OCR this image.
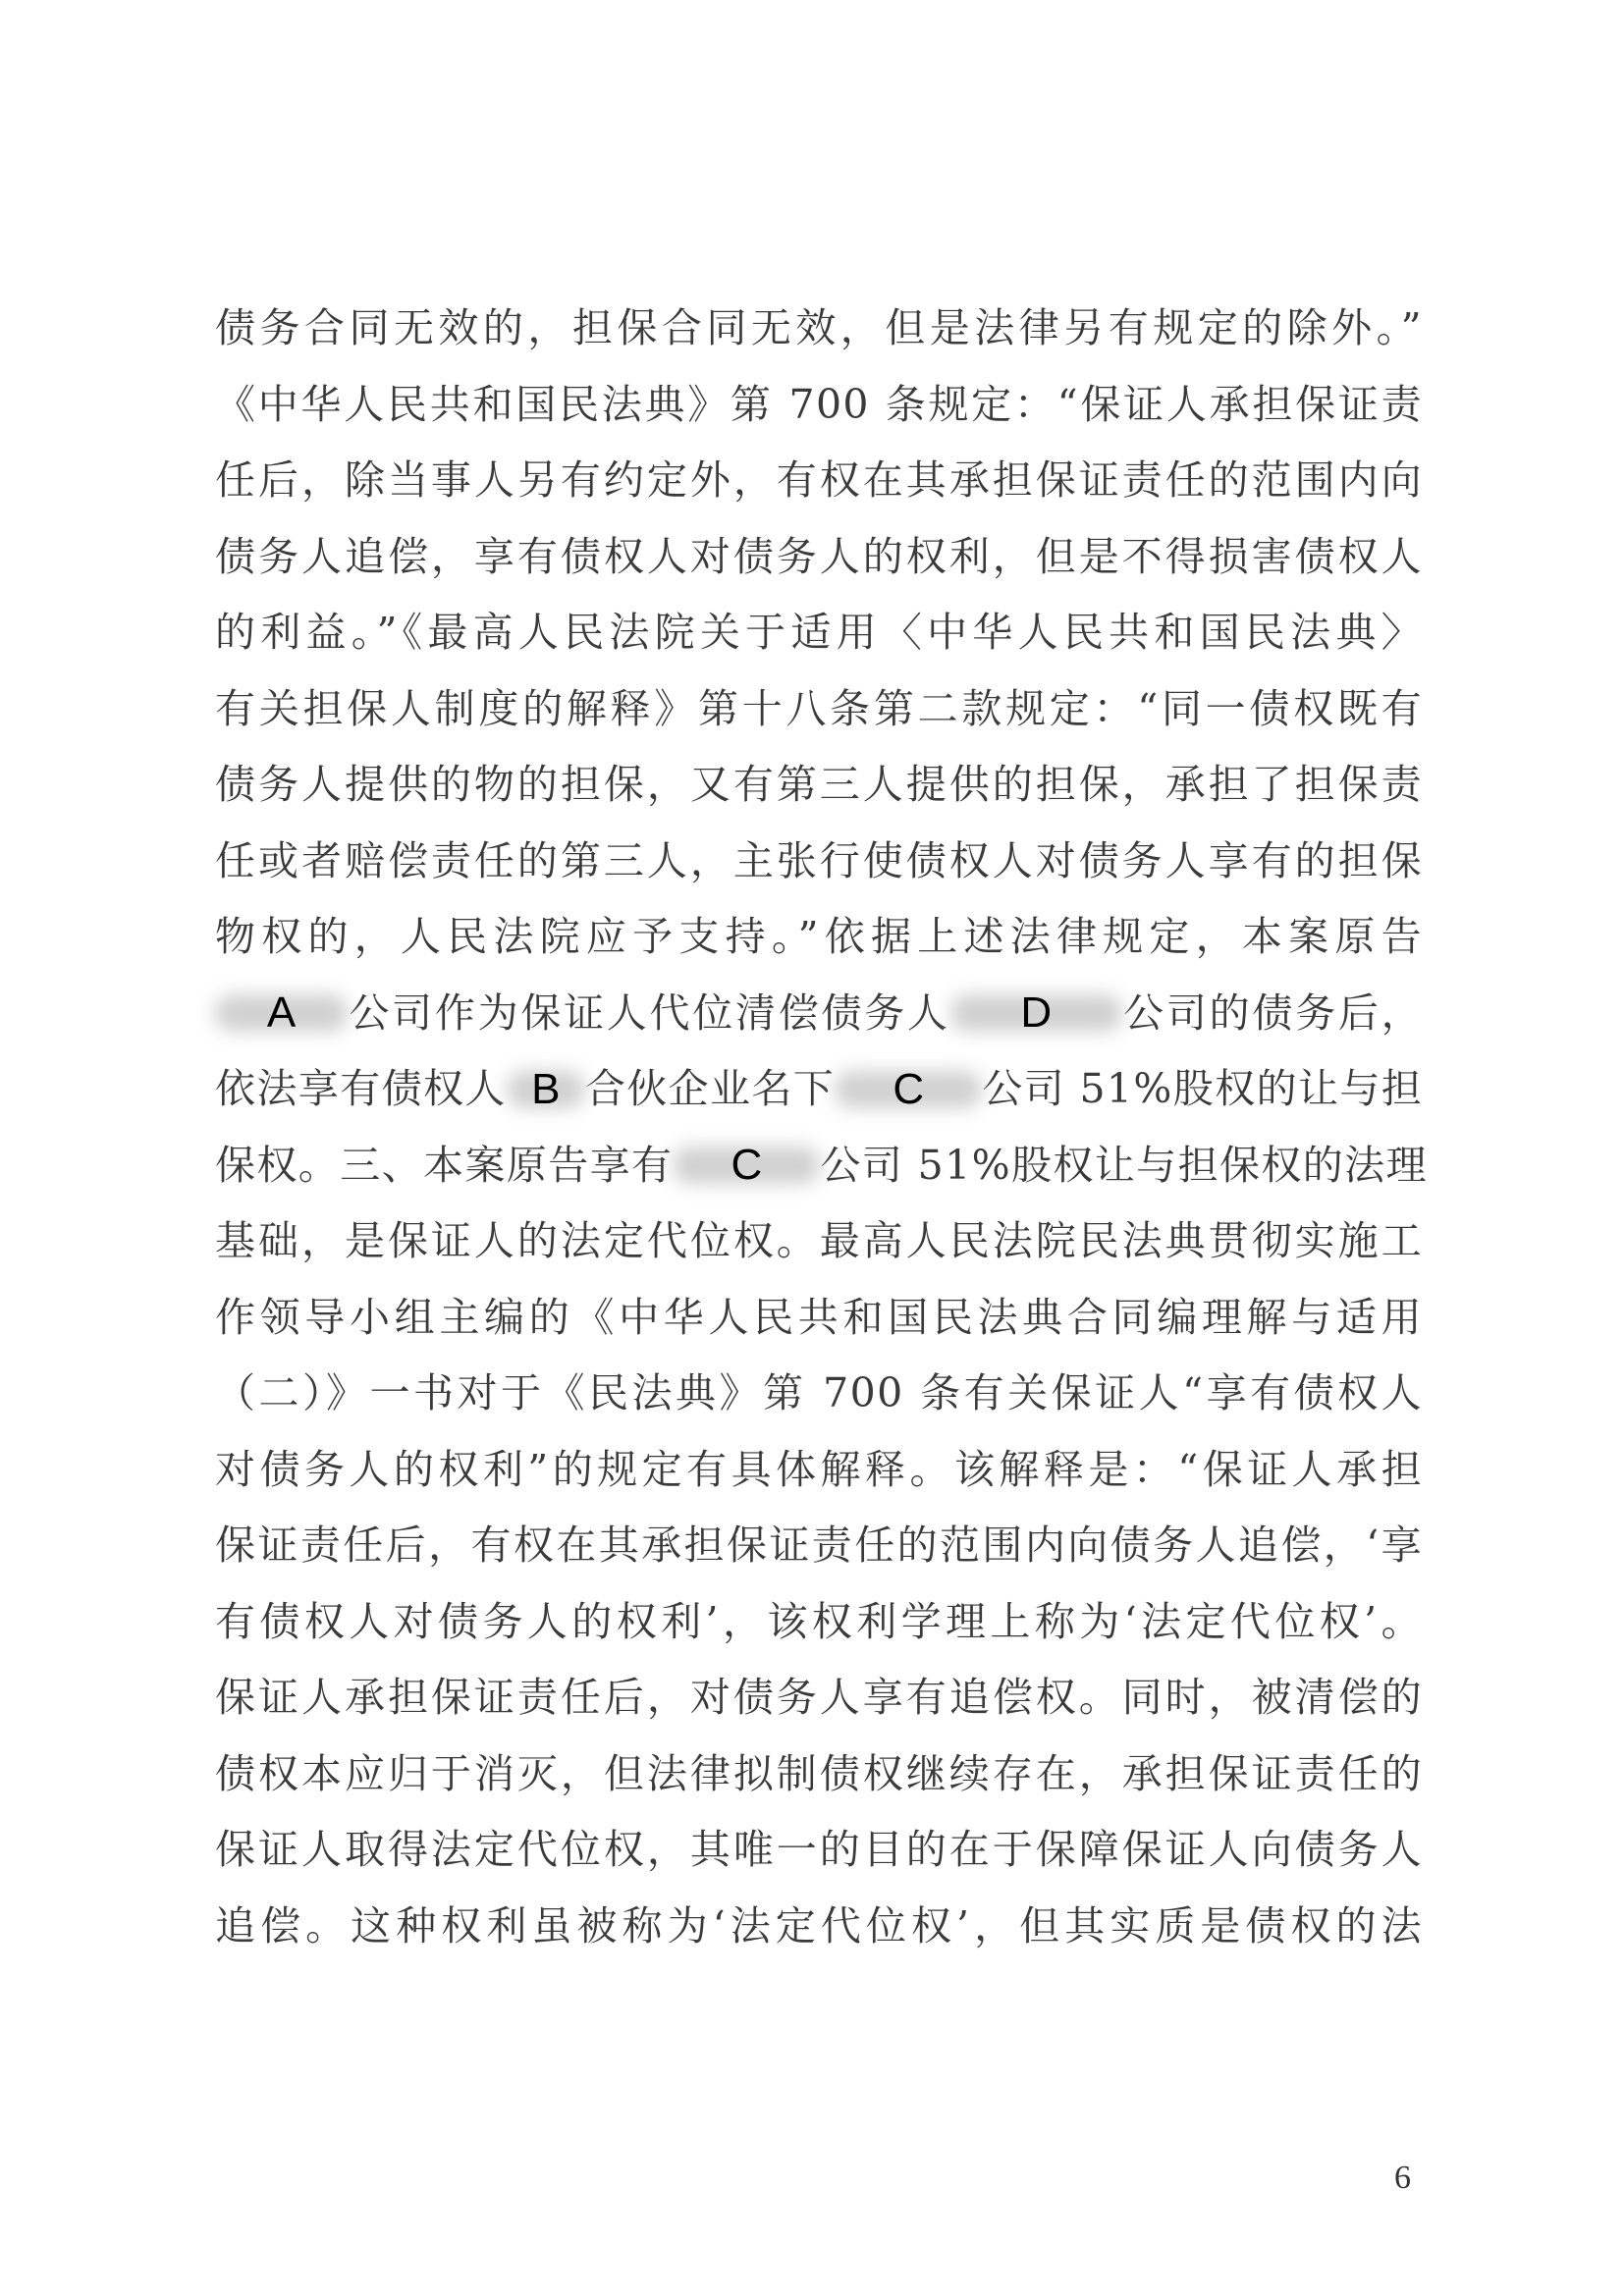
债务合同无效的，担保合同无效，但是法律另有规定的除外。”
《中华人民共和国民法典》第 700 条规定：“保证人承担保证责
任后，除当事人另有约定外，有权在其承担保证责任的范围内向
债务人追偿，享有债权人对债务人的权利，但是不得损害债权人
的利益。”《最高人民法院关于适用〈中华人民共和国民法典〉
有关担保人制度的解释》第十八条第二款规定：“同一债权既有
债务人提供的物的担保，又有第三人提供的担保，承担了担保责
任或者赔偿责任的第三人，主张行使债权人对债务人享有的担保
物权的，人民法院应予支持。”依据上述法律规定，本案原告
A	公司作为保证人代位清偿债务人	D	公司的债务后，
依法享有债权人 B 合伙企业名下	C	公司 51%股权的让与担
保权。三、本案原告享有	C	公司 51%股权让与担保权的法理
基础，是保证人的法定代位权。最高人民法院民法典贯彻实施工
作领导小组主编的《中华人民共和国民法典合同编理解与适用
（二）》一书对于《民法典》第 700 条有关保证人“享有债权人
对债务人的权利”的规定有具体解释。该解释是：“保证人承担
保证责任后，有权在其承担保证责任的范围内向债务人追偿，‘享
有债权人对债务人的权利’，该权利学理上称为‘法定代位权’。
保证人承担保证责任后，对债务人享有追偿权。同时，被清偿的
债权本应归于消灭，但法律拟制债权继续存在，承担保证责任的
保证人取得法定代位权，其唯一的目的在于保障保证人向债务人
追偿。这种权利虽被称为‘法定代位权’，但其实质是债权的法
6
